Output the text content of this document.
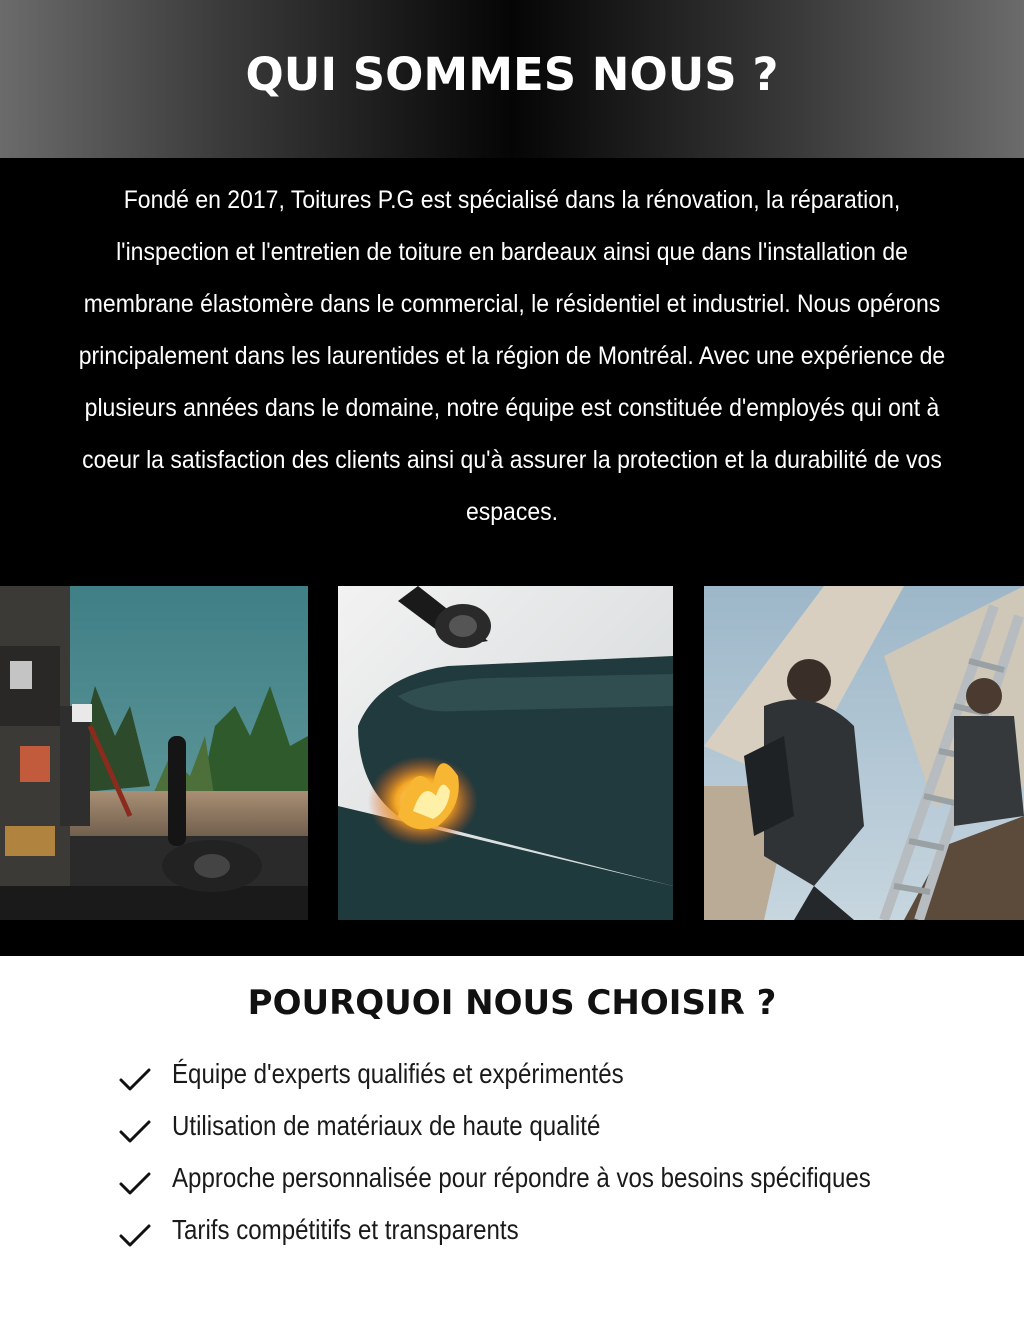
QUI SOMMES NOUS ?

Fondé en 2017, Toitures P.G est spécialisé dans la rénovation, la réparation, l'inspection et l'entretien de toiture en bardeaux ainsi que dans l'installation de membrane élastomère dans le commercial, le résidentiel et industriel. Nous opérons principalement dans les laurentides et la région de Montréal. Avec une expérience de plusieurs années dans le domaine, notre équipe est constituée d'employés qui ont à coeur la satisfaction des clients ainsi qu'à assurer la protection et la durabilité de vos espaces.

POURQUOI NOUS CHOISIR ?
Équipe d'experts qualifiés et expérimentés
Utilisation de matériaux de haute qualité
Approche personnalisée pour répondre à vos besoins spécifiques
Tarifs compétitifs et transparents
